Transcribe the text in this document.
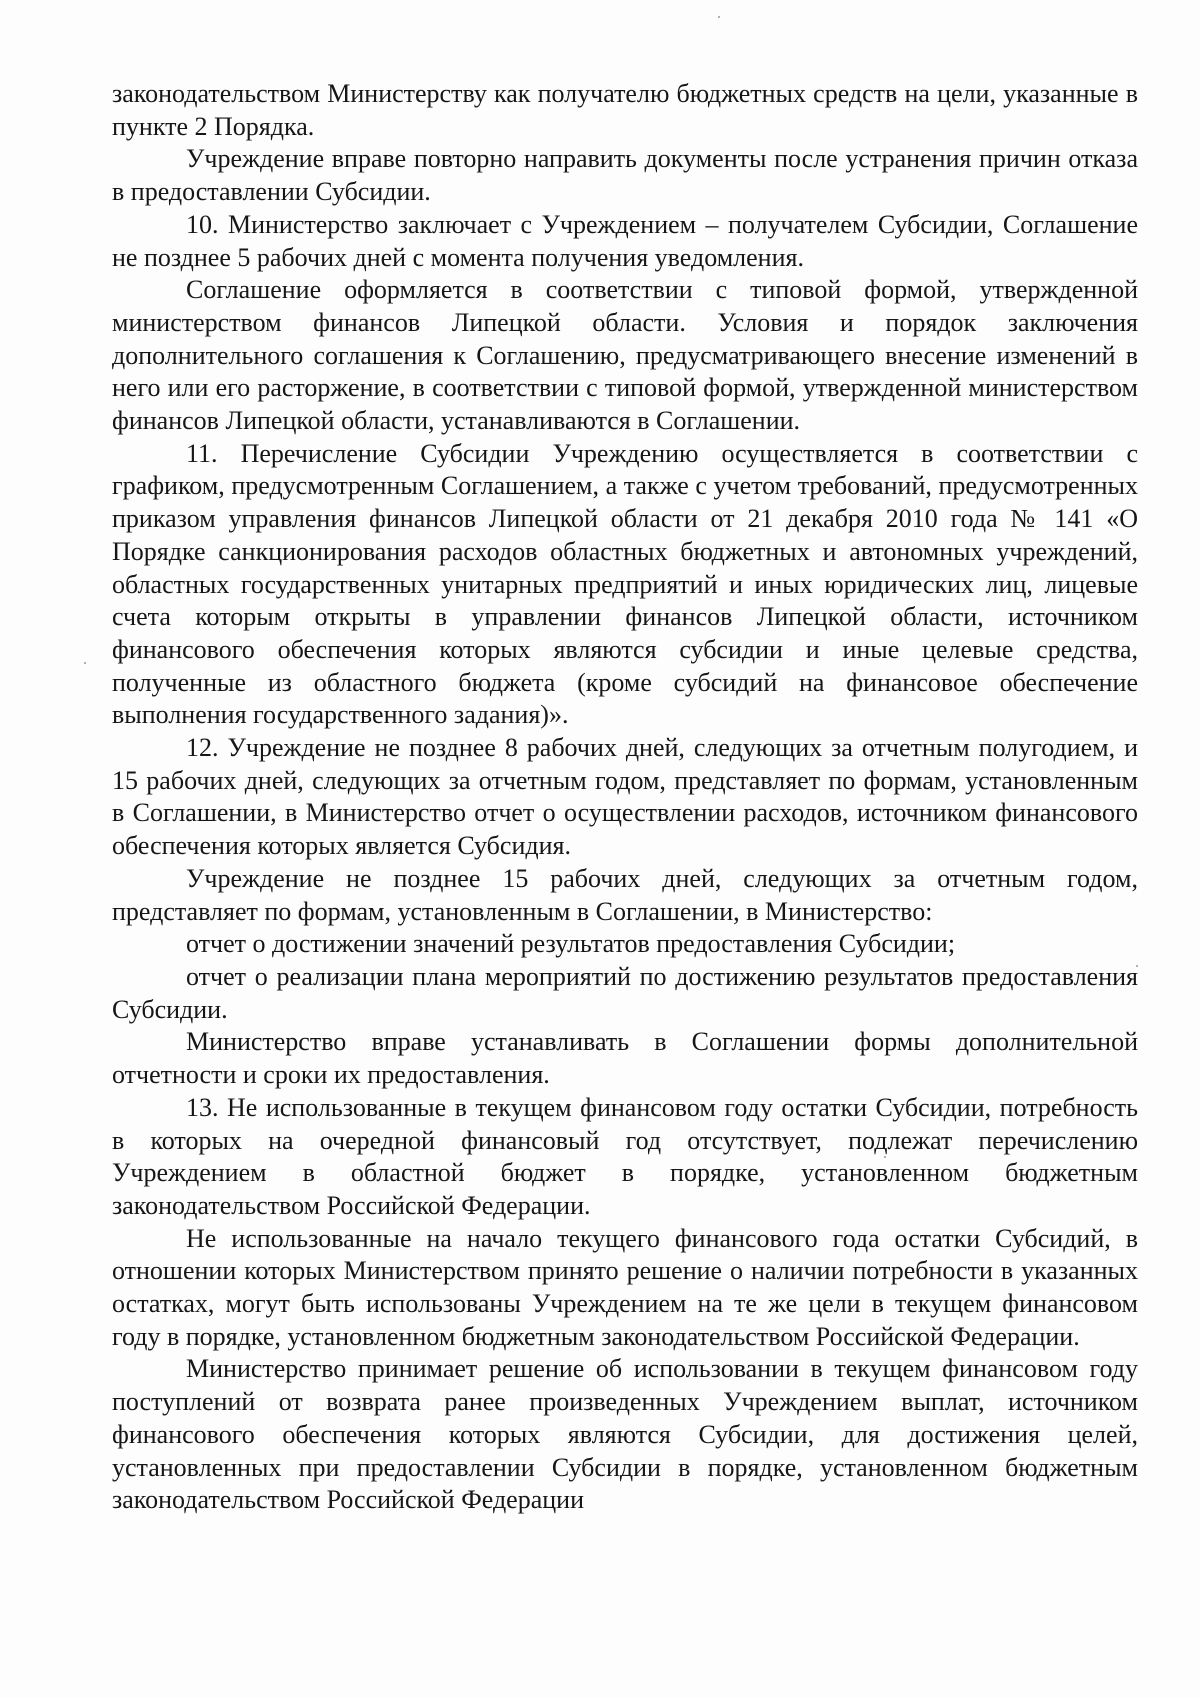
законодательством Министерству как получателю бюджетных средств на цели, указанные в пункте 2 Порядка.

Учреждение вправе повторно направить документы после устранения причин отказа в предоставлении Субсидии.

10. Министерство заключает с Учреждением – получателем Субсидии, Соглашение не позднее 5 рабочих дней с момента получения уведомления.

Соглашение оформляется в соответствии с типовой формой, утвержденной министерством финансов Липецкой области. Условия и порядок заключения дополнительного соглашения к Соглашению, предусматривающего внесение изменений в него или его расторжение, в соответствии с типовой формой, утвержденной министерством финансов Липецкой области, устанавливаются в Соглашении.

11. Перечисление Субсидии Учреждению осуществляется в соответствии с графиком, предусмотренным Соглашением, а также с учетом требований, предусмотренных приказом управления финансов Липецкой области от 21 декабря 2010 года № 141 «О Порядке санкционирования расходов областных бюджетных и автономных учреждений, областных государственных унитарных предприятий и иных юридических лиц, лицевые счета которым открыты в управлении финансов Липецкой области, источником финансового обеспечения которых являются субсидии и иные целевые средства, полученные из областного бюджета (кроме субсидий на финансовое обеспечение выполнения государственного задания)».

12. Учреждение не позднее 8 рабочих дней, следующих за отчетным полугодием, и 15 рабочих дней, следующих за отчетным годом, представляет по формам, установленным в Соглашении, в Министерство отчет о осуществлении расходов, источником финансового обеспечения которых является Субсидия.

Учреждение не позднее 15 рабочих дней, следующих за отчетным годом, представляет по формам, установленным в Соглашении, в Министерство:

отчет о достижении значений результатов предоставления Субсидии;

отчет о реализации плана мероприятий по достижению результатов предоставления Субсидии.

Министерство вправе устанавливать в Соглашении формы дополнительной отчетности и сроки их предоставления.

13. Не использованные в текущем финансовом году остатки Субсидии, потребность в которых на очередной финансовый год отсутствует, подлежат перечислению Учреждением в областной бюджет в порядке, установленном бюджетным законодательством Российской Федерации.

Не использованные на начало текущего финансового года остатки Субсидий, в отношении которых Министерством принято решение о наличии потребности в указанных остатках, могут быть использованы Учреждением на те же цели в текущем финансовом году в порядке, установленном бюджетным законодательством Российской Федерации.

Министерство принимает решение об использовании в текущем финансовом году поступлений от возврата ранее произведенных Учреждением выплат, источником финансового обеспечения которых являются Субсидии, для достижения целей, установленных при предоставлении Субсидии в порядке, установленном бюджетным законодательством Российской Федерации
